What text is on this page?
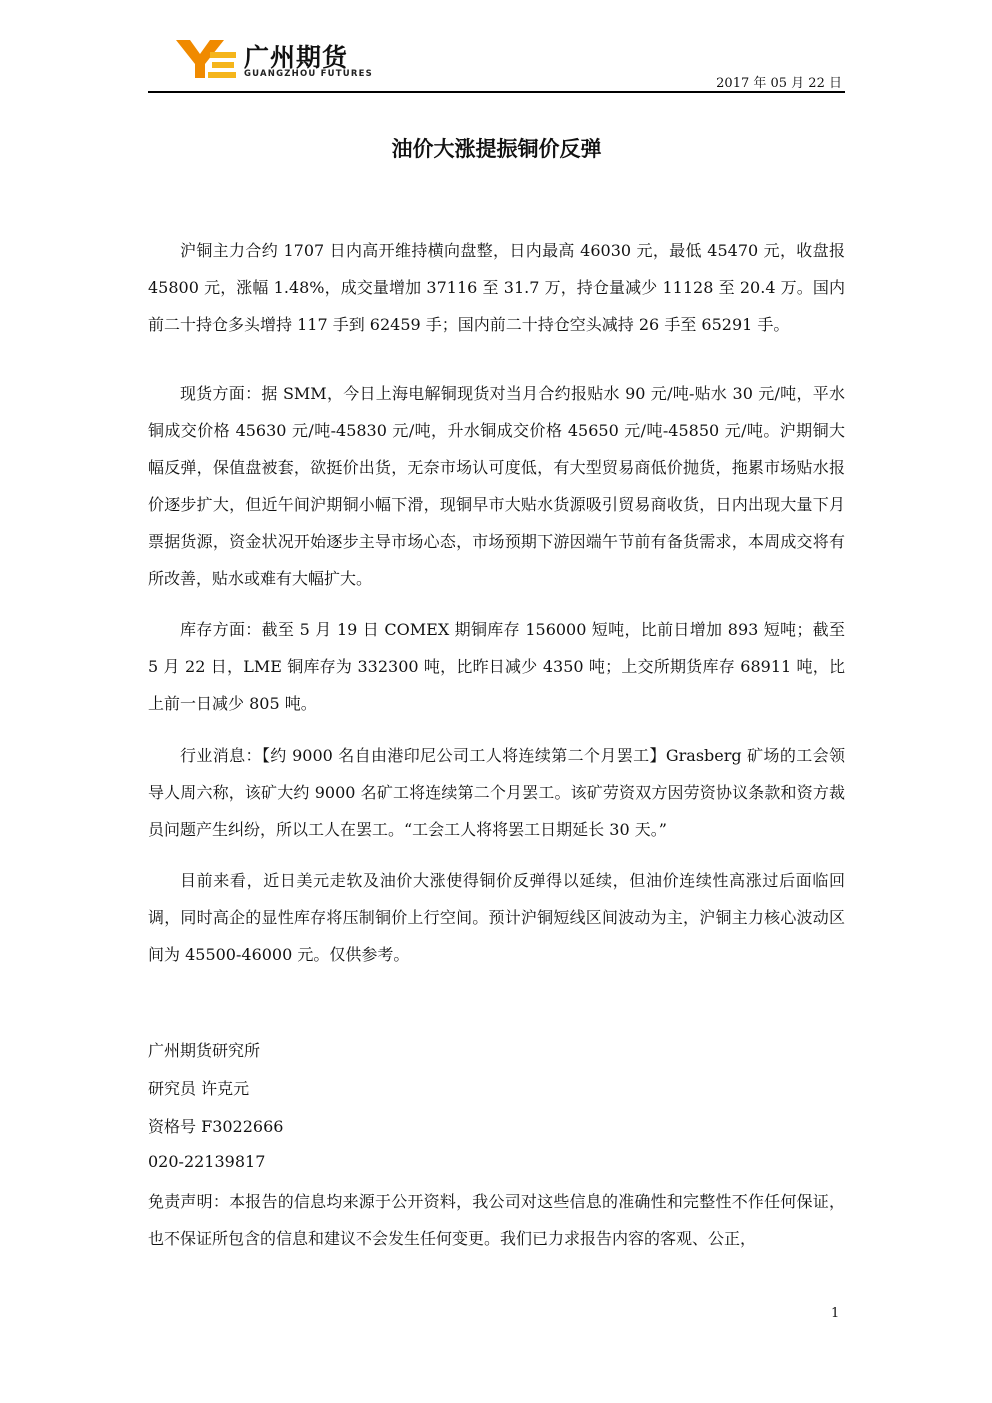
广州期货
GUANGZHOU FUTURES
2017 年 05 月 22 日
油价大涨提振铜价反弹

沪铜主力合约 1707 日内高开维持横向盘整，日内最高 46030 元，最低 45470 元，收盘报 45800 元，涨幅 1.48%，成交量增加 37116 至 31.7 万，持仓量减少 11128 至 20.4 万。国内前二十持仓多头增持 117 手到 62459 手；国内前二十持仓空头减持 26 手至 65291 手。

现货方面：据 SMM，今日上海电解铜现货对当月合约报贴水 90 元/吨-贴水 30 元/吨，平水铜成交价格 45630 元/吨-45830 元/吨，升水铜成交价格 45650 元/吨-45850 元/吨。沪期铜大幅反弹，保值盘被套，欲挺价出货，无奈市场认可度低，有大型贸易商低价抛货，拖累市场贴水报价逐步扩大，但近午间沪期铜小幅下滑，现铜早市大贴水货源吸引贸易商收货，日内出现大量下月票据货源，资金状况开始逐步主导市场心态，市场预期下游因端午节前有备货需求，本周成交将有所改善，贴水或难有大幅扩大。

库存方面：截至 5 月 19 日 COMEX 期铜库存 156000 短吨，比前日增加 893 短吨；截至 5 月 22 日，LME 铜库存为 332300 吨，比昨日减少 4350 吨；上交所期货库存 68911 吨，比上前一日减少 805 吨。

行业消息：【约 9000 名自由港印尼公司工人将连续第二个月罢工】Grasberg 矿场的工会领导人周六称，该矿大约 9000 名矿工将连续第二个月罢工。该矿劳资双方因劳资协议条款和资方裁员问题产生纠纷，所以工人在罢工。“工会工人将将罢工日期延长 30 天。”

目前来看，近日美元走软及油价大涨使得铜价反弹得以延续，但油价连续性高涨过后面临回调，同时高企的显性库存将压制铜价上行空间。预计沪铜短线区间波动为主，沪铜主力核心波动区间为 45500-46000 元。仅供参考。

广州期货研究所
研究员 许克元
资格号 F3022666
020-22139817

免责声明：本报告的信息均来源于公开资料，我公司对这些信息的准确性和完整性不作任何保证，也不保证所包含的信息和建议不会发生任何变更。我们已力求报告内容的客观、公正，

1
